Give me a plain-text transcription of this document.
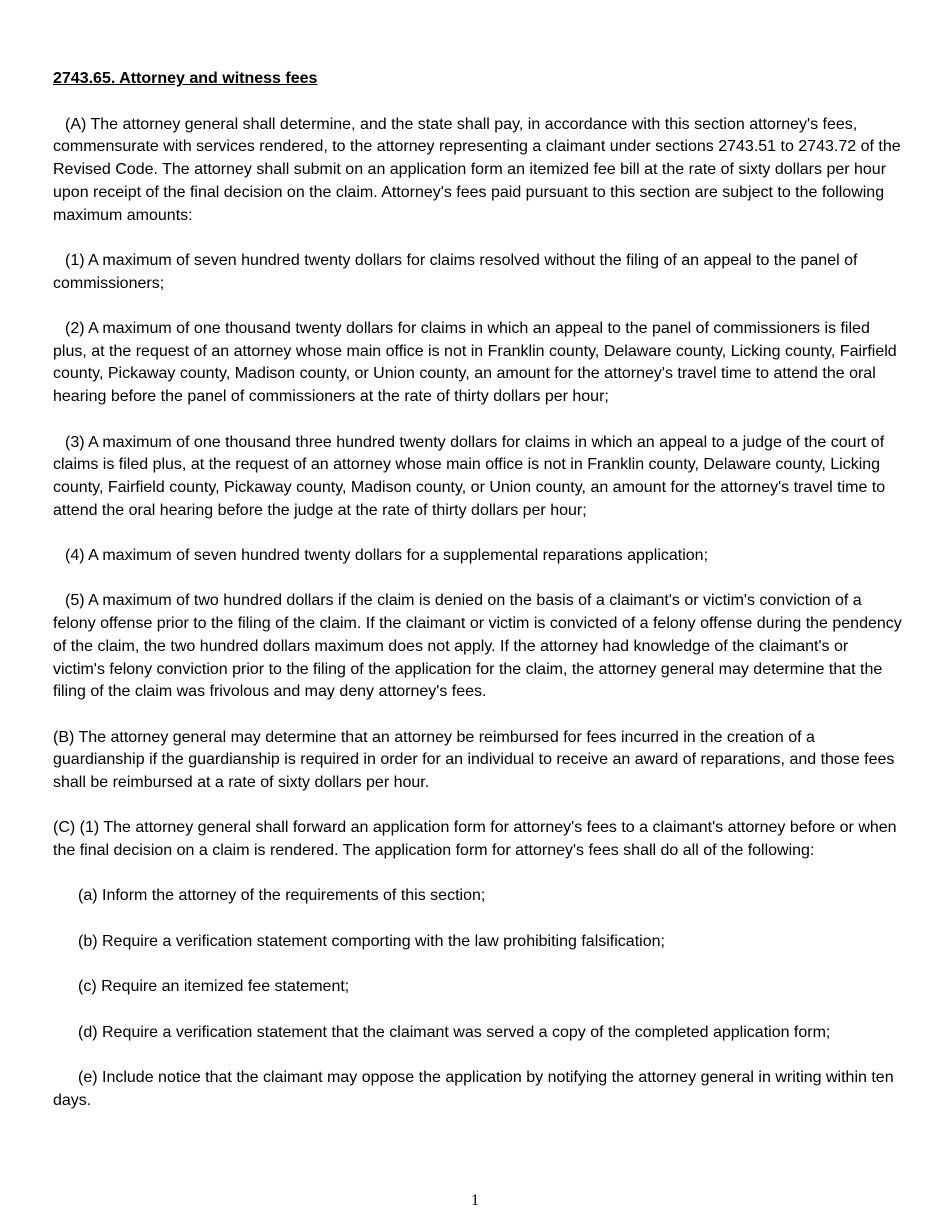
2743.65. Attorney and witness fees

(A) The attorney general shall determine, and the state shall pay, in accordance with this section attorney's fees, commensurate with services rendered, to the attorney representing a claimant under sections 2743.51 to 2743.72 of the Revised Code. The attorney shall submit on an application form an itemized fee bill at the rate of sixty dollars per hour upon receipt of the final decision on the claim. Attorney's fees paid pursuant to this section are subject to the following maximum amounts:

(1) A maximum of seven hundred twenty dollars for claims resolved without the filing of an appeal to the panel of commissioners;

(2) A maximum of one thousand twenty dollars for claims in which an appeal to the panel of commissioners is filed plus, at the request of an attorney whose main office is not in Franklin county, Delaware county, Licking county, Fairfield county, Pickaway county, Madison county, or Union county, an amount for the attorney's travel time to attend the oral hearing before the panel of commissioners at the rate of thirty dollars per hour;

(3) A maximum of one thousand three hundred twenty dollars for claims in which an appeal to a judge of the court of claims is filed plus, at the request of an attorney whose main office is not in Franklin county, Delaware county, Licking county, Fairfield county, Pickaway county, Madison county, or Union county, an amount for the attorney's travel time to attend the oral hearing before the judge at the rate of thirty dollars per hour;

(4) A maximum of seven hundred twenty dollars for a supplemental reparations application;

(5) A maximum of two hundred dollars if the claim is denied on the basis of a claimant's or victim's conviction of a felony offense prior to the filing of the claim. If the claimant or victim is convicted of a felony offense during the pendency of the claim, the two hundred dollars maximum does not apply. If the attorney had knowledge of the claimant's or victim's felony conviction prior to the filing of the application for the claim, the attorney general may determine that the filing of the claim was frivolous and may deny attorney's fees.

(B) The attorney general may determine that an attorney be reimbursed for fees incurred in the creation of a guardianship if the guardianship is required in order for an individual to receive an award of reparations, and those fees shall be reimbursed at a rate of sixty dollars per hour.

(C) (1) The attorney general shall forward an application form for attorney's fees to a claimant's attorney before or when the final decision on a claim is rendered. The application form for attorney's fees shall do all of the following:

(a) Inform the attorney of the requirements of this section;

(b) Require a verification statement comporting with the law prohibiting falsification;

(c) Require an itemized fee statement;

(d) Require a verification statement that the claimant was served a copy of the completed application form;

(e) Include notice that the claimant may oppose the application by notifying the attorney general in writing within ten days.

1
